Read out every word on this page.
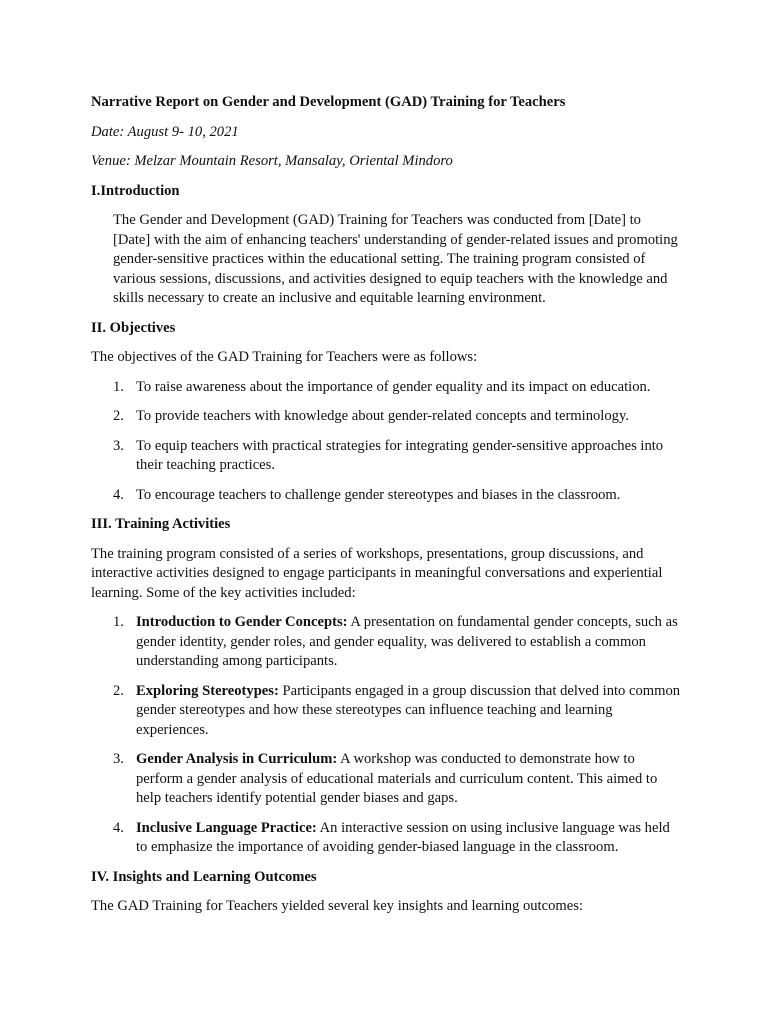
Narrative Report on Gender and Development (GAD) Training for Teachers

Date: August 9- 10, 2021

Venue: Melzar Mountain Resort, Mansalay, Oriental Mindoro

I.Introduction

The Gender and Development (GAD) Training for Teachers was conducted from [Date] to [Date] with the aim of enhancing teachers' understanding of gender-related issues and promoting gender-sensitive practices within the educational setting. The training program consisted of various sessions, discussions, and activities designed to equip teachers with the knowledge and skills necessary to create an inclusive and equitable learning environment.

II. Objectives

The objectives of the GAD Training for Teachers were as follows:

1. To raise awareness about the importance of gender equality and its impact on education.
2. To provide teachers with knowledge about gender-related concepts and terminology.
3. To equip teachers with practical strategies for integrating gender-sensitive approaches into their teaching practices.
4. To encourage teachers to challenge gender stereotypes and biases in the classroom.

III. Training Activities

The training program consisted of a series of workshops, presentations, group discussions, and interactive activities designed to engage participants in meaningful conversations and experiential learning. Some of the key activities included:

1. Introduction to Gender Concepts: A presentation on fundamental gender concepts, such as gender identity, gender roles, and gender equality, was delivered to establish a common understanding among participants.
2. Exploring Stereotypes: Participants engaged in a group discussion that delved into common gender stereotypes and how these stereotypes can influence teaching and learning experiences.
3. Gender Analysis in Curriculum: A workshop was conducted to demonstrate how to perform a gender analysis of educational materials and curriculum content. This aimed to help teachers identify potential gender biases and gaps.
4. Inclusive Language Practice: An interactive session on using inclusive language was held to emphasize the importance of avoiding gender-biased language in the classroom.

IV. Insights and Learning Outcomes

The GAD Training for Teachers yielded several key insights and learning outcomes:
